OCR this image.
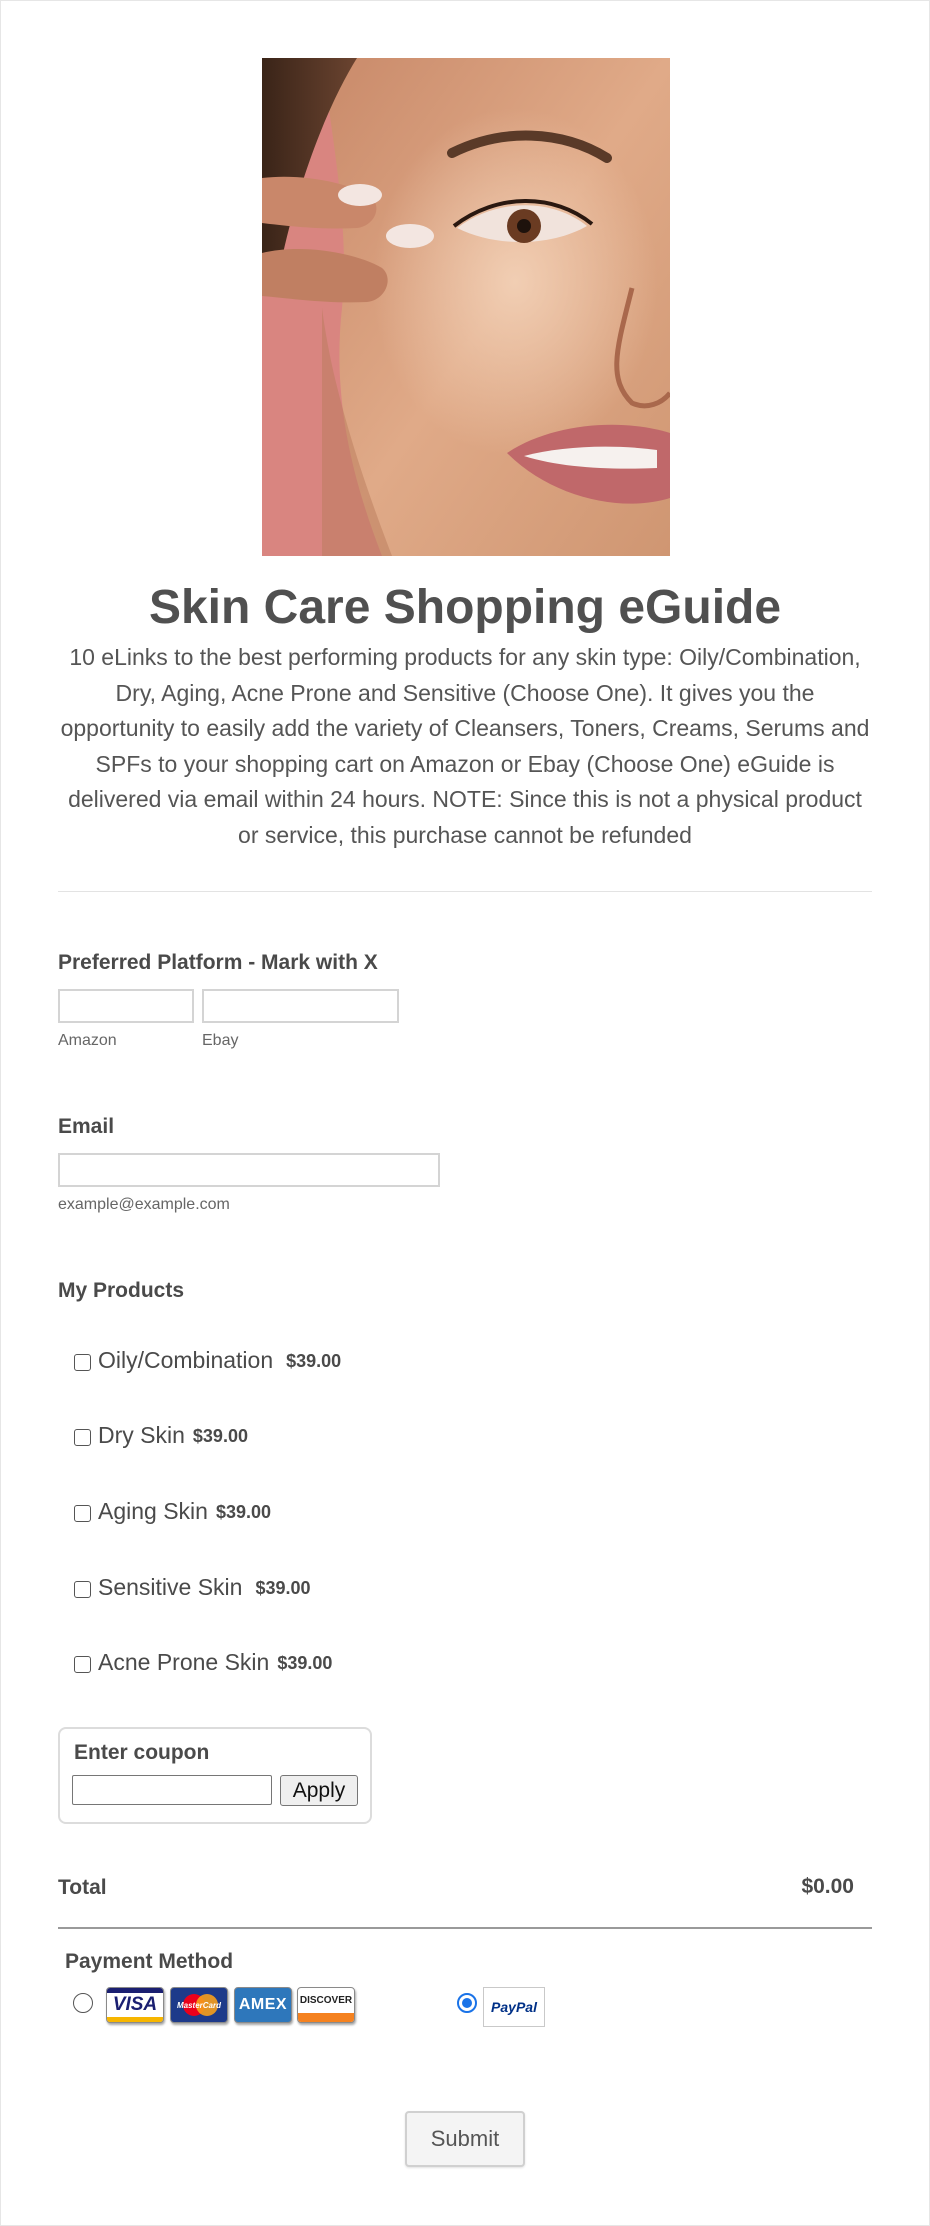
Skin Care Shopping eGuide
10 eLinks to the best performing products for any skin type: Oily/Combination, Dry, Aging, Acne Prone and Sensitive (Choose One). It gives you the opportunity to easily add the variety of Cleansers, Toners, Creams, Serums and SPFs to your shopping cart on Amazon or Ebay (Choose One) eGuide is delivered via email within 24 hours. NOTE: Since this is not a physical product or service, this purchase cannot be refunded
Preferred Platform - Mark with X
Amazon	Ebay
Email
example@example.com
My Products
Oily/Combination $39.00
Dry Skin $39.00
Aging Skin $39.00
Sensitive Skin $39.00
Acne Prone Skin $39.00
Enter coupon
Apply
Total	$0.00
Payment Method
VISA MasterCard AMEX DISCOVER	PayPal
Submit
